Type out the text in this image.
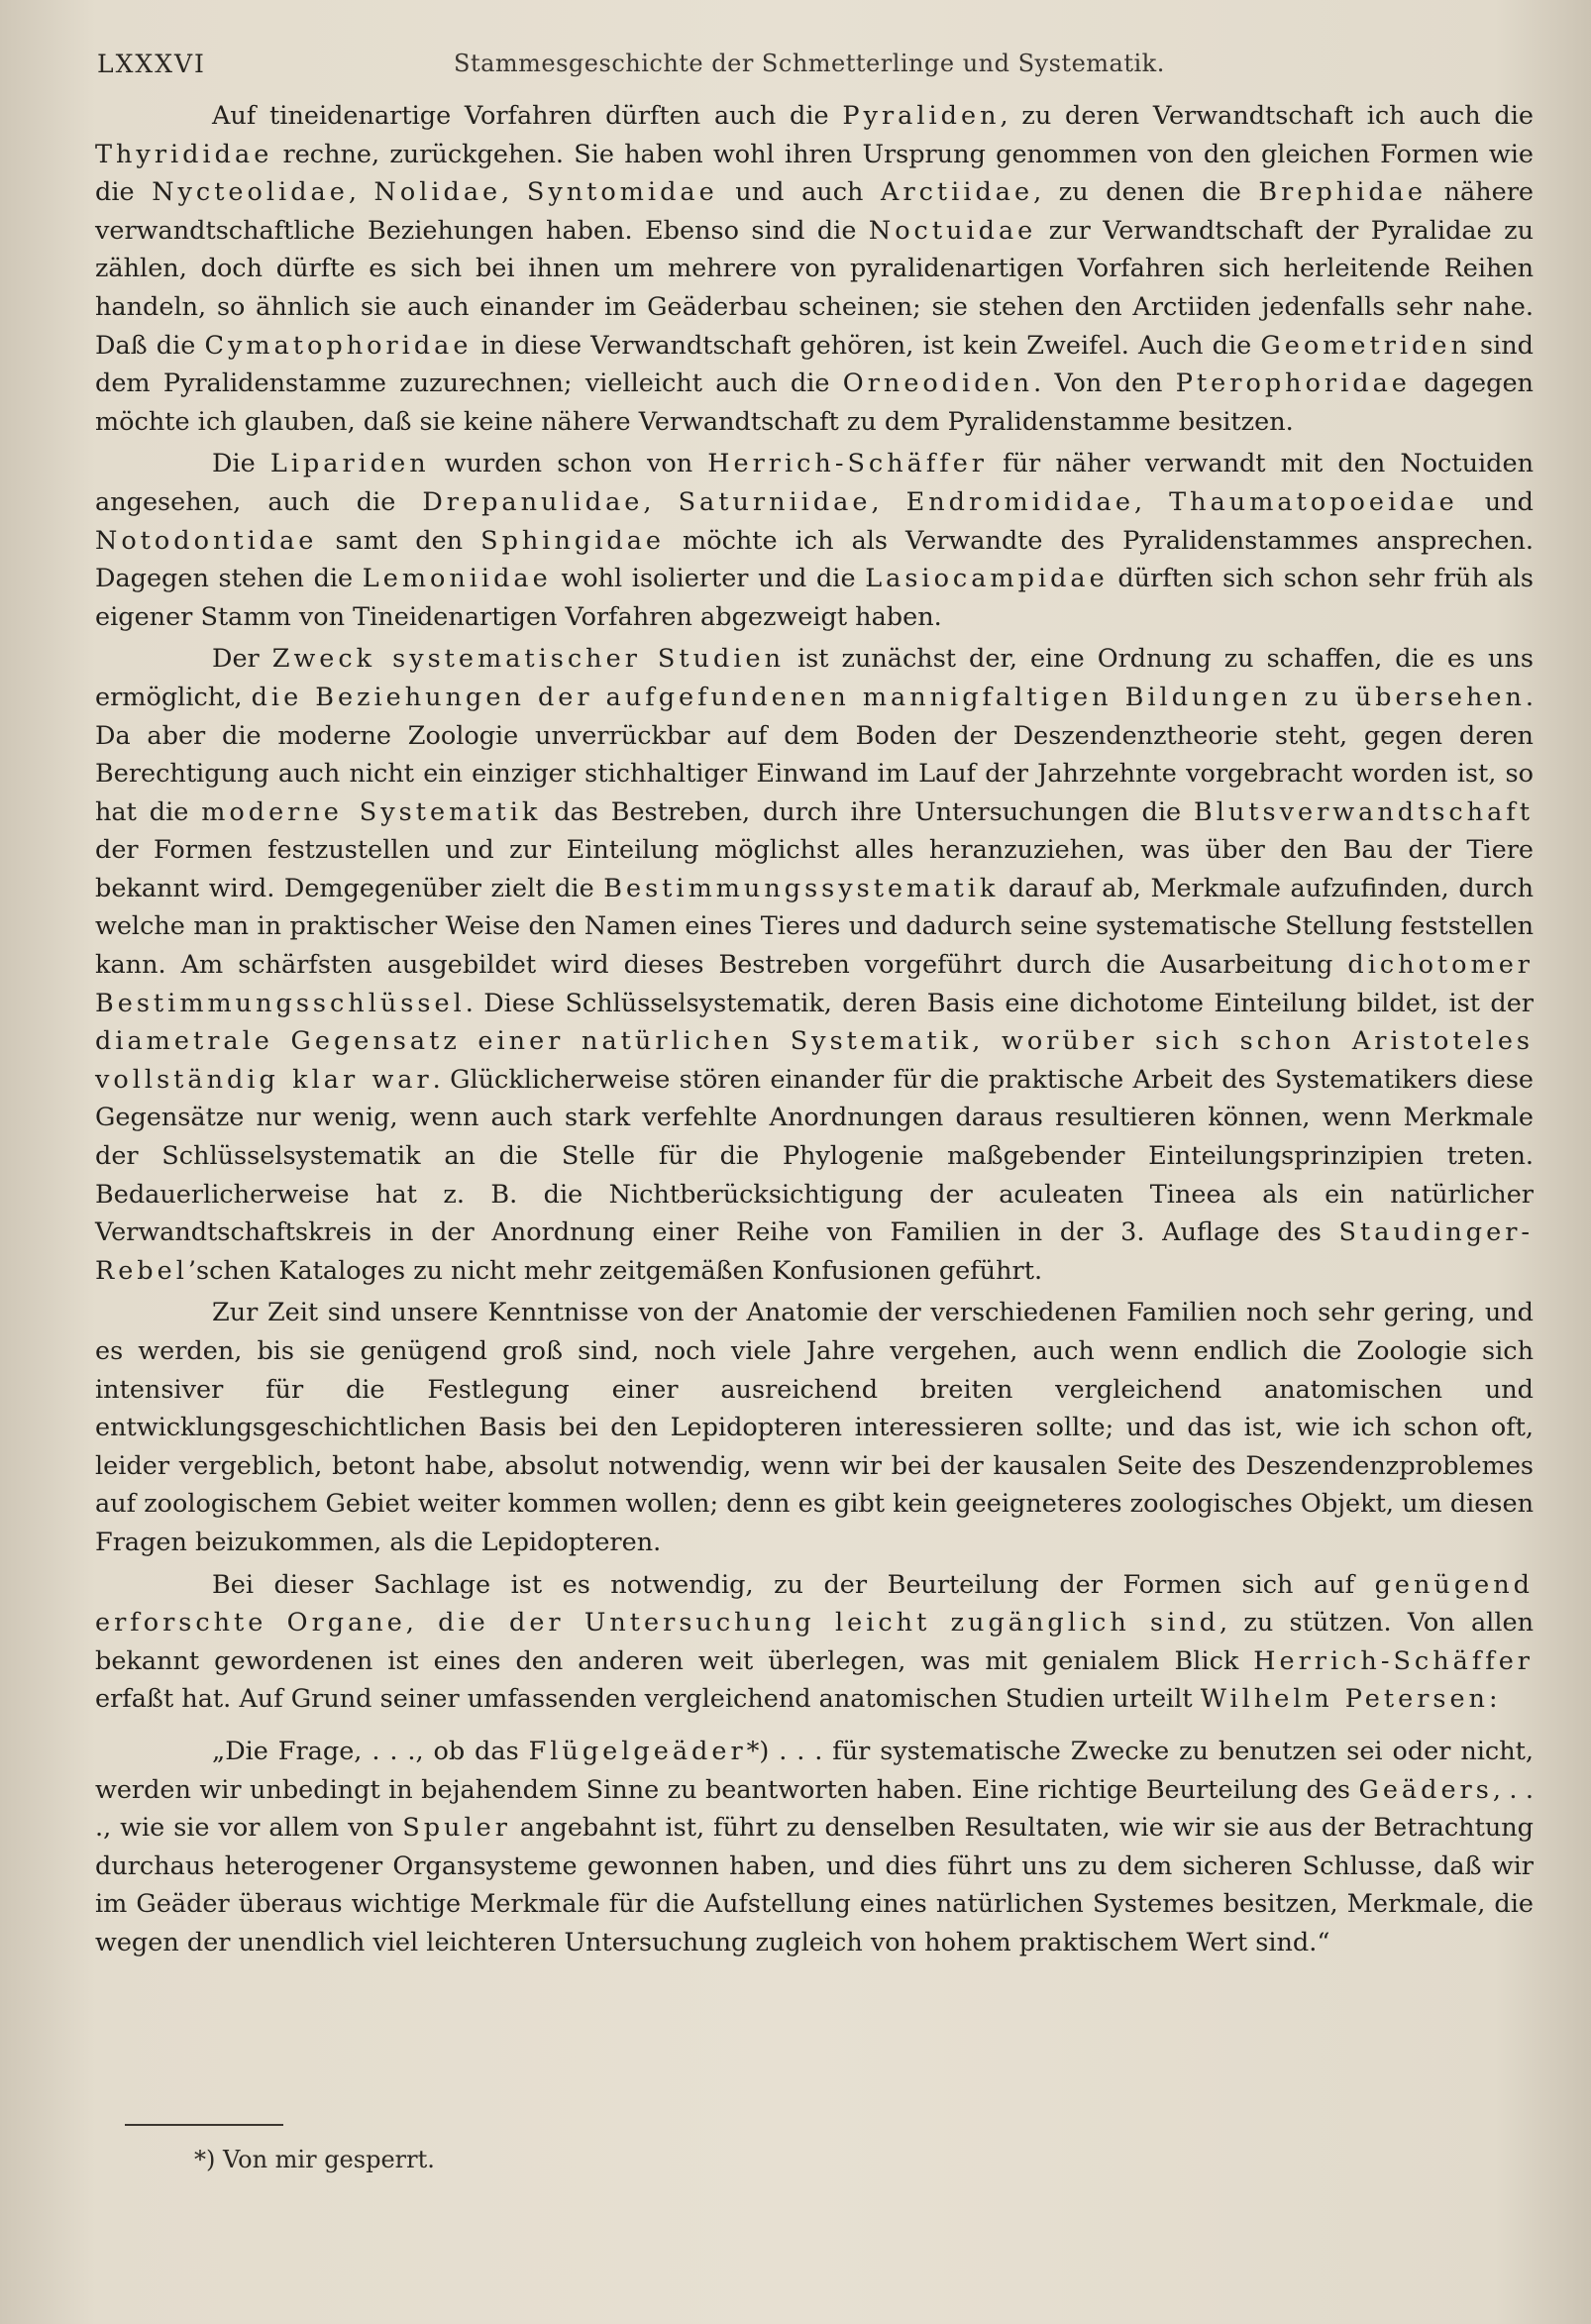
LXXXVI	Stammesgeschichte der Schmetterlinge und Systematik.

Auf tineidenartige Vorfahren dürften auch die Pyraliden, zu deren Verwandtschaft ich auch die Thyrididae rechne, zurückgehen. Sie haben wohl ihren Ursprung genommen von den gleichen Formen wie die Nycteolidae, Nolidae, Syntomidae und auch Arctiidae, zu denen die Brephidae nähere verwandtschaftliche Beziehungen haben. Ebenso sind die Noctuidae zur Verwandtschaft der Pyralidae zu zählen, doch dürfte es sich bei ihnen um mehrere von pyralidenartigen Vorfahren sich herleitende Reihen handeln, so ähnlich sie auch einander im Geäderbau scheinen; sie stehen den Arctiiden jedenfalls sehr nahe. Daß die Cymatophoridae in diese Verwandtschaft gehören, ist kein Zweifel. Auch die Geometriden sind dem Pyralidenstamme zuzurechnen; vielleicht auch die Orneodiden. Von den Pterophoridae dagegen möchte ich glauben, daß sie keine nähere Verwandtschaft zu dem Pyralidenstamme besitzen.

Die Lipariden wurden schon von Herrich-Schäffer für näher verwandt mit den Noctuiden angesehen, auch die Drepanulidae, Saturniidae, Endromididae, Thaumatopoeidae und Notodontidae samt den Sphingidae möchte ich als Verwandte des Pyralidenstammes ansprechen. Dagegen stehen die Lemoniidae wohl isolierter und die Lasiocampidae dürften sich schon sehr früh als eigener Stamm von Tineidenartigen Vorfahren abgezweigt haben.

Der Zweck systematischer Studien ist zunächst der, eine Ordnung zu schaffen, die es uns ermöglicht, die Beziehungen der aufgefundenen mannigfaltigen Bildungen zu übersehen. Da aber die moderne Zoologie unverrückbar auf dem Boden der Deszendenztheorie steht, gegen deren Berechtigung auch nicht ein einziger stichhaltiger Einwand im Lauf der Jahrzehnte vorgebracht worden ist, so hat die moderne Systematik das Bestreben, durch ihre Untersuchungen die Blutsverwandtschaft der Formen festzustellen und zur Einteilung möglichst alles heranzuziehen, was über den Bau der Tiere bekannt wird. Demgegenüber zielt die Bestimmungssystematik darauf ab, Merkmale aufzufinden, durch welche man in praktischer Weise den Namen eines Tieres und dadurch seine systematische Stellung feststellen kann. Am schärfsten ausgebildet wird dieses Bestreben vorgeführt durch die Ausarbeitung dichotomer Bestimmungsschlüssel. Diese Schlüsselsystematik, deren Basis eine dichotome Einteilung bildet, ist der diametrale Gegensatz einer natürlichen Systematik, worüber sich schon Aristoteles vollständig klar war. Glücklicherweise stören einander für die praktische Arbeit des Systematikers diese Gegensätze nur wenig, wenn auch stark verfehlte Anordnungen daraus resultieren können, wenn Merkmale der Schlüsselsystematik an die Stelle für die Phylogenie maßgebender Einteilungsprinzipien treten. Bedauerlicherweise hat z. B. die Nichtberücksichtigung der aculeaten Tineea als ein natürlicher Verwandtschaftskreis in der Anordnung einer Reihe von Familien in der 3. Auflage des Staudinger-Rebel’schen Kataloges zu nicht mehr zeitgemäßen Konfusionen geführt.

Zur Zeit sind unsere Kenntnisse von der Anatomie der verschiedenen Familien noch sehr gering, und es werden, bis sie genügend groß sind, noch viele Jahre vergehen, auch wenn endlich die Zoologie sich intensiver für die Festlegung einer ausreichend breiten vergleichend anatomischen und entwicklungsgeschichtlichen Basis bei den Lepidopteren interessieren sollte; und das ist, wie ich schon oft, leider vergeblich, betont habe, absolut notwendig, wenn wir bei der kausalen Seite des Deszendenzproblemes auf zoologischem Gebiet weiter kommen wollen; denn es gibt kein geeigneteres zoologisches Objekt, um diesen Fragen beizukommen, als die Lepidopteren.

Bei dieser Sachlage ist es notwendig, zu der Beurteilung der Formen sich auf genügend erforschte Organe, die der Untersuchung leicht zugänglich sind, zu stützen. Von allen bekannt gewordenen ist eines den anderen weit überlegen, was mit genialem Blick Herrich-Schäffer erfaßt hat. Auf Grund seiner umfassenden vergleichend anatomischen Studien urteilt Wilhelm Petersen:

„Die Frage, . . ., ob das Flügelgeäder*) . . . für systematische Zwecke zu benutzen sei oder nicht, werden wir unbedingt in bejahendem Sinne zu beantworten haben. Eine richtige Beurteilung des Geäders, . . ., wie sie vor allem von Spuler angebahnt ist, führt zu denselben Resultaten, wie wir sie aus der Betrachtung durchaus heterogener Organsysteme gewonnen haben, und dies führt uns zu dem sicheren Schlusse, daß wir im Geäder überaus wichtige Merkmale für die Aufstellung eines natürlichen Systemes besitzen, Merkmale, die wegen der unendlich viel leichteren Untersuchung zugleich von hohem praktischem Wert sind.“

*) Von mir gesperrt.
